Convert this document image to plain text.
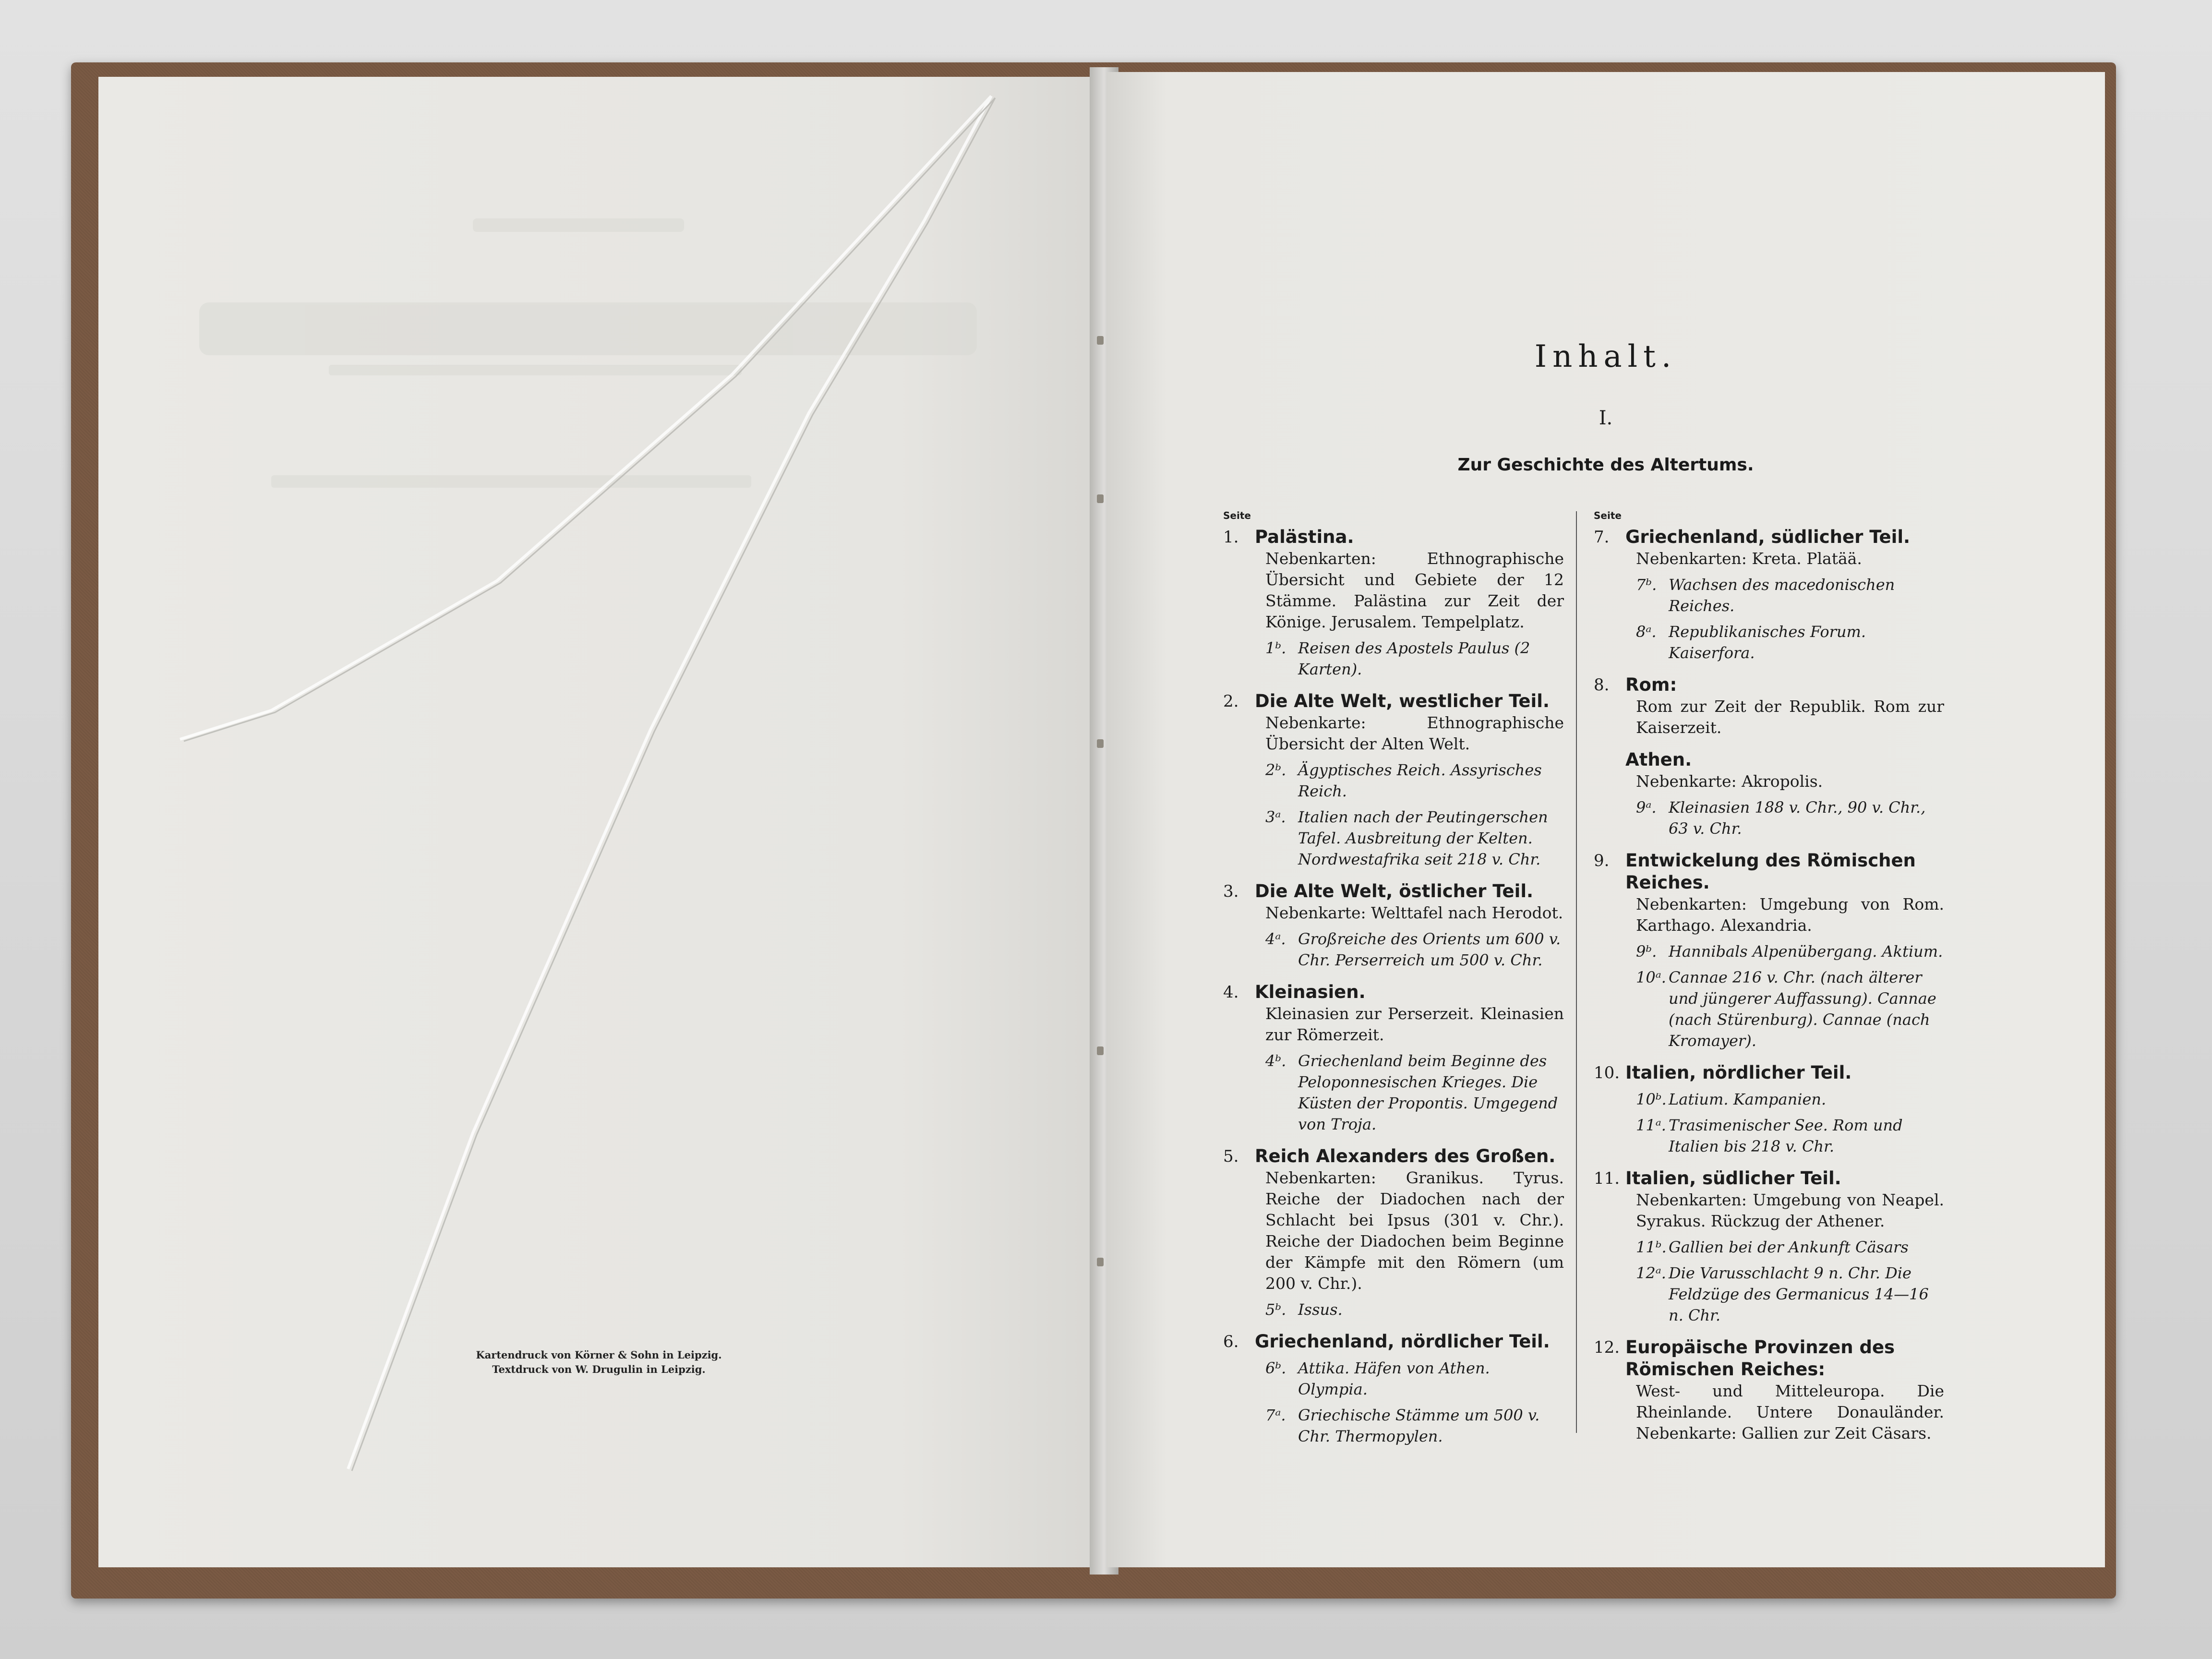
Kartendruck von Körner & Sohn in Leipzig.
Textdruck von W. Drugulin in Leipzig.
Inhalt.
I.
Zur Geschichte des Altertums.
Seite
1. Palästina.
Nebenkarten: Ethnographische Übersicht und Gebiete der 12 Stämme. Palästina zur Zeit der Könige. Jerusalem. Tempelplatz.
1ᵇ. Reisen des Apostels Paulus (2 Karten).
2. Die Alte Welt, westlicher Teil.
Nebenkarte: Ethnographische Übersicht der Alten Welt.
2ᵇ. Ägyptisches Reich. Assyrisches Reich.
3ᵃ. Italien nach der Peutingerschen Tafel. Ausbreitung der Kelten. Nordwestafrika seit 218 v. Chr.
3. Die Alte Welt, östlicher Teil.
Nebenkarte: Welttafel nach Herodot.
4ᵃ. Großreiche des Orients um 600 v. Chr. Perserreich um 500 v. Chr.
4. Kleinasien.
Kleinasien zur Perserzeit. Kleinasien zur Römerzeit.
4ᵇ. Griechenland beim Beginne des Peloponnesischen Krieges. Die Küsten der Propontis. Umgegend von Troja.
5. Reich Alexanders des Großen.
Nebenkarten: Granikus. Tyrus. Reiche der Diadochen nach der Schlacht bei Ipsus (301 v. Chr.). Reiche der Diadochen beim Beginne der Kämpfe mit den Römern (um 200 v. Chr.).
5ᵇ. Issus.
6. Griechenland, nördlicher Teil.
6ᵇ. Attika. Häfen von Athen. Olympia.
7ᵃ. Griechische Stämme um 500 v. Chr. Thermopylen.
Seite
7. Griechenland, südlicher Teil.
Nebenkarten: Kreta. Platää.
7ᵇ. Wachsen des macedonischen Reiches.
8ᵃ. Republikanisches Forum. Kaiserfora.
8. Rom:
Rom zur Zeit der Republik. Rom zur Kaiserzeit.
Athen.
Nebenkarte: Akropolis.
9ᵃ. Kleinasien 188 v. Chr., 90 v. Chr., 63 v. Chr.
9. Entwickelung des Römischen Reiches.
Nebenkarten: Umgebung von Rom. Karthago. Alexandria.
9ᵇ. Hannibals Alpenübergang. Aktium.
10ᵃ. Cannae 216 v. Chr. (nach älterer und jüngerer Auffassung). Cannae (nach Stürenburg). Cannae (nach Kromayer).
10. Italien, nördlicher Teil.
10ᵇ. Latium. Kampanien.
11ᵃ. Trasimenischer See. Rom und Italien bis 218 v. Chr.
11. Italien, südlicher Teil.
Nebenkarten: Umgebung von Neapel. Syrakus. Rückzug der Athener.
11ᵇ. Gallien bei der Ankunft Cäsars
12ᵃ. Die Varusschlacht 9 n. Chr. Die Feldzüge des Germanicus 14—16 n. Chr.
12. Europäische Provinzen des Römischen Reiches:
West- und Mitteleuropa. Die Rheinlande. Untere Donauländer. Nebenkarte: Gallien zur Zeit Cäsars.
